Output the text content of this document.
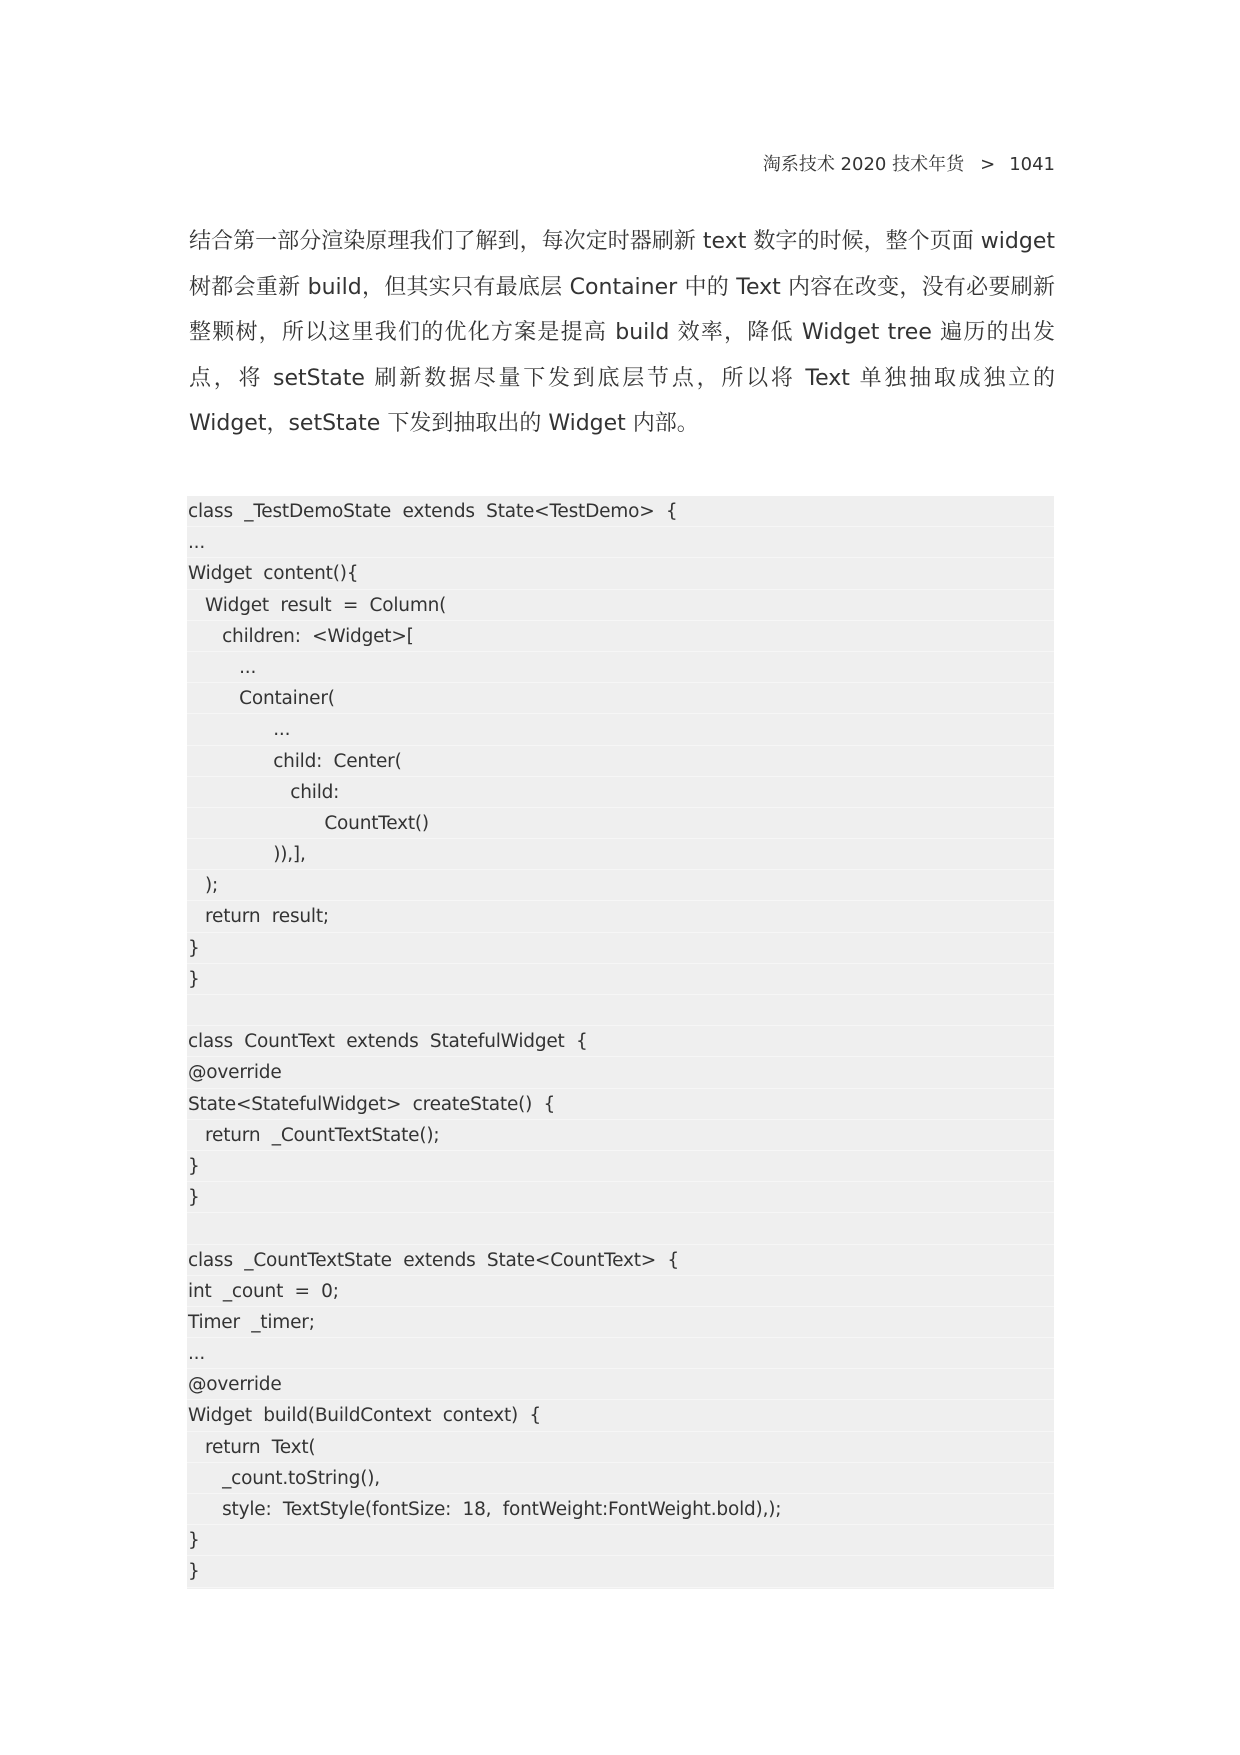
淘系技术 2020 技术年货 > 1041
结合第一部分渲染原理我们了解到，每次定时器刷新 text 数字的时候，整个页面 widget 树都会重新 build，但其实只有最底层 Container 中的 Text 内容在改变，没有必要刷新整颗树，所以这里我们的优化方案是提高 build 效率，降低 Widget tree 遍历的出发点，将 setState 刷新数据尽量下发到底层节点，所以将 Text 单独抽取成独立的 Widget，setState 下发到抽取出的 Widget 内部。
class  _TestDemoState  extends  State<TestDemo>  {
...
Widget  content(){
Widget  result  =  Column(
children:  <Widget>[
...
Container(
...
child:  Center(
child:
CountText()
)),],
);
return  result;
}
}
class  CountText  extends  StatefulWidget  {
@override
State<StatefulWidget>  createState()  {
return  _CountTextState();
}
}
class  _CountTextState  extends  State<CountText>  {
int  _count  =  0;
Timer  _timer;
...
@override
Widget  build(BuildContext  context)  {
return  Text(
_count.toString(),
style:  TextStyle(fontSize:  18,  fontWeight:FontWeight.bold),);
}
}
